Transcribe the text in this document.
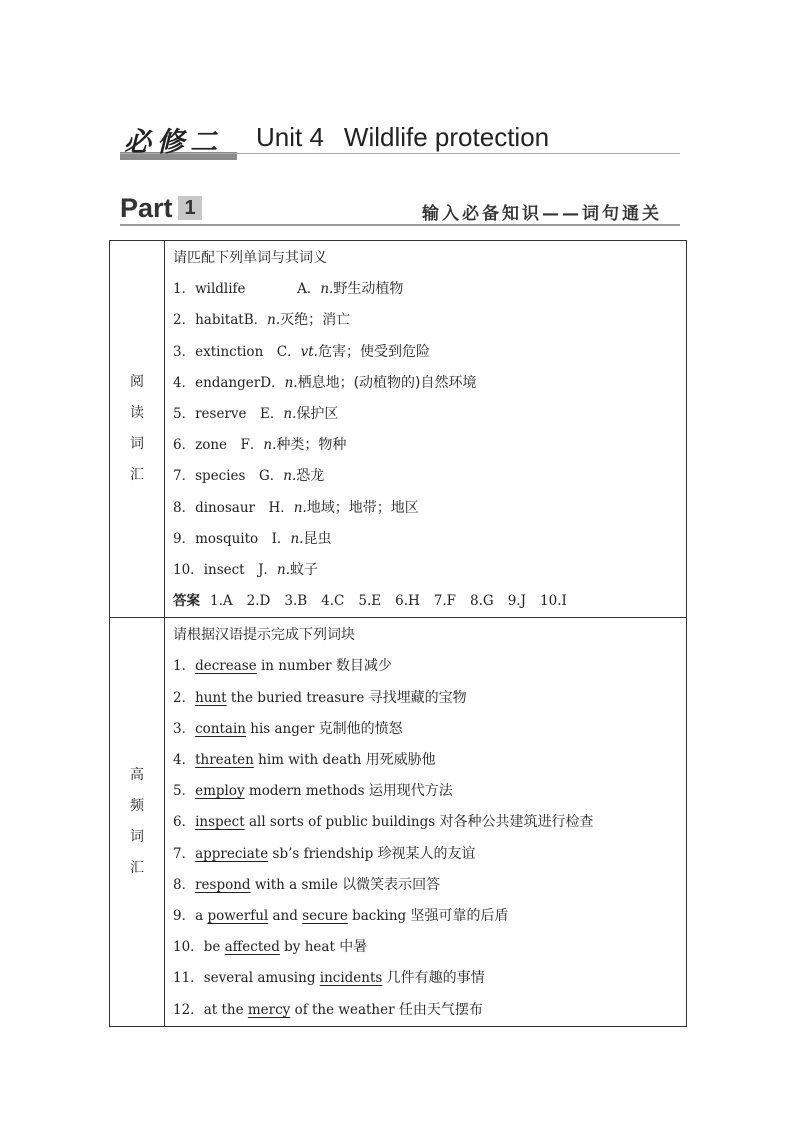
必修二 Unit 4 Wildlife protection
Part 1	输入必备知识——词句通关
阅读
词汇
请匹配下列单词与其词义
1．wildlife	A．n.野生动植物
2．habitatB．n.灭绝；消亡
3．extinction  C．vt.危害；使受到危险
4．endangerD．n.栖息地；(动植物的)自然环境
5．reserve  E．n.保护区
6．zone  F．n.种类；物种
7．species  G．n.恐龙
8．dinosaur  H．n.地域；地带；地区
9．mosquito  I．n.昆虫
10．insect  J．n.蚊子
答案 1.A 2.D 3.B 4.C 5.E 6.H 7.F 8.G 9.J 10.I
高频
词汇
请根据汉语提示完成下列词块
1．decrease in number 数目减少
2．hunt the buried treasure 寻找埋藏的宝物
3．contain his anger 克制他的愤怒
4．threaten him with death 用死威胁他
5．employ modern methods 运用现代方法
6．inspect all sorts of public buildings 对各种公共建筑进行检查
7．appreciate sb’s friendship 珍视某人的友谊
8．respond with a smile 以微笑表示回答
9．a powerful and secure backing 坚强可靠的后盾
10．be affected by heat 中暑
11．several amusing incidents 几件有趣的事情
12．at the mercy of the weather 任由天气摆布
